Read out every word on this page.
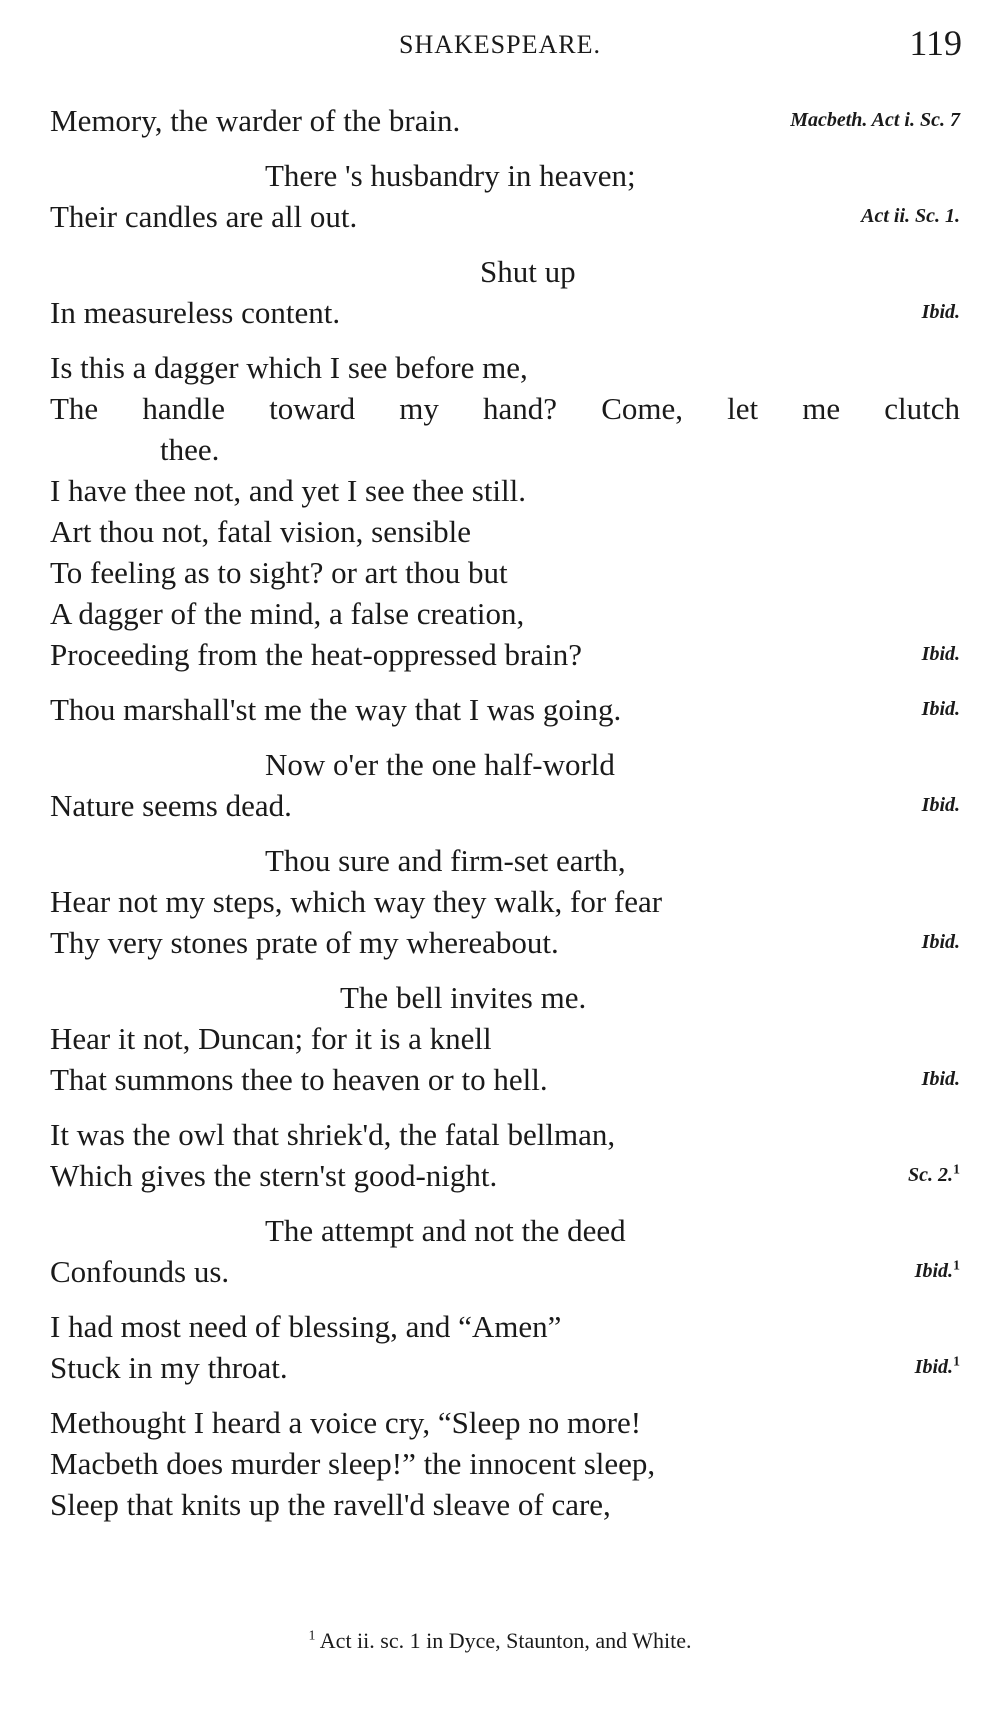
SHAKESPEARE.	119
Memory, the warder of the brain.	Macbeth. Act i. Sc. 7
There 's husbandry in heaven;
Their candles are all out.	Act ii. Sc. 1.
Shut up
In measureless content.	Ibid.
Is this a dagger which I see before me,
The handle toward my hand? Come, let me clutch
thee.
I have thee not, and yet I see thee still.
Art thou not, fatal vision, sensible
To feeling as to sight? or art thou but
A dagger of the mind, a false creation,
Proceeding from the heat-oppressed brain?	Ibid.
Thou marshall'st me the way that I was going.	Ibid.
Now o'er the one half-world
Nature seems dead.	Ibid.
Thou sure and firm-set earth,
Hear not my steps, which way they walk, for fear
Thy very stones prate of my whereabout.	Ibid.
The bell invites me.
Hear it not, Duncan; for it is a knell
That summons thee to heaven or to hell.	Ibid.
It was the owl that shriek'd, the fatal bellman,
Which gives the stern'st good-night.	Sc. 2.$^1$
The attempt and not the deed
Confounds us.	Ibid.$^1$
I had most need of blessing, and “Amen”
Stuck in my throat.	Ibid.$^1$
Methought I heard a voice cry, “Sleep no more!
Macbeth does murder sleep!” the innocent sleep,
Sleep that knits up the ravell'd sleave of care,
$^1$ Act ii. sc. 1 in Dyce, Staunton, and White.
